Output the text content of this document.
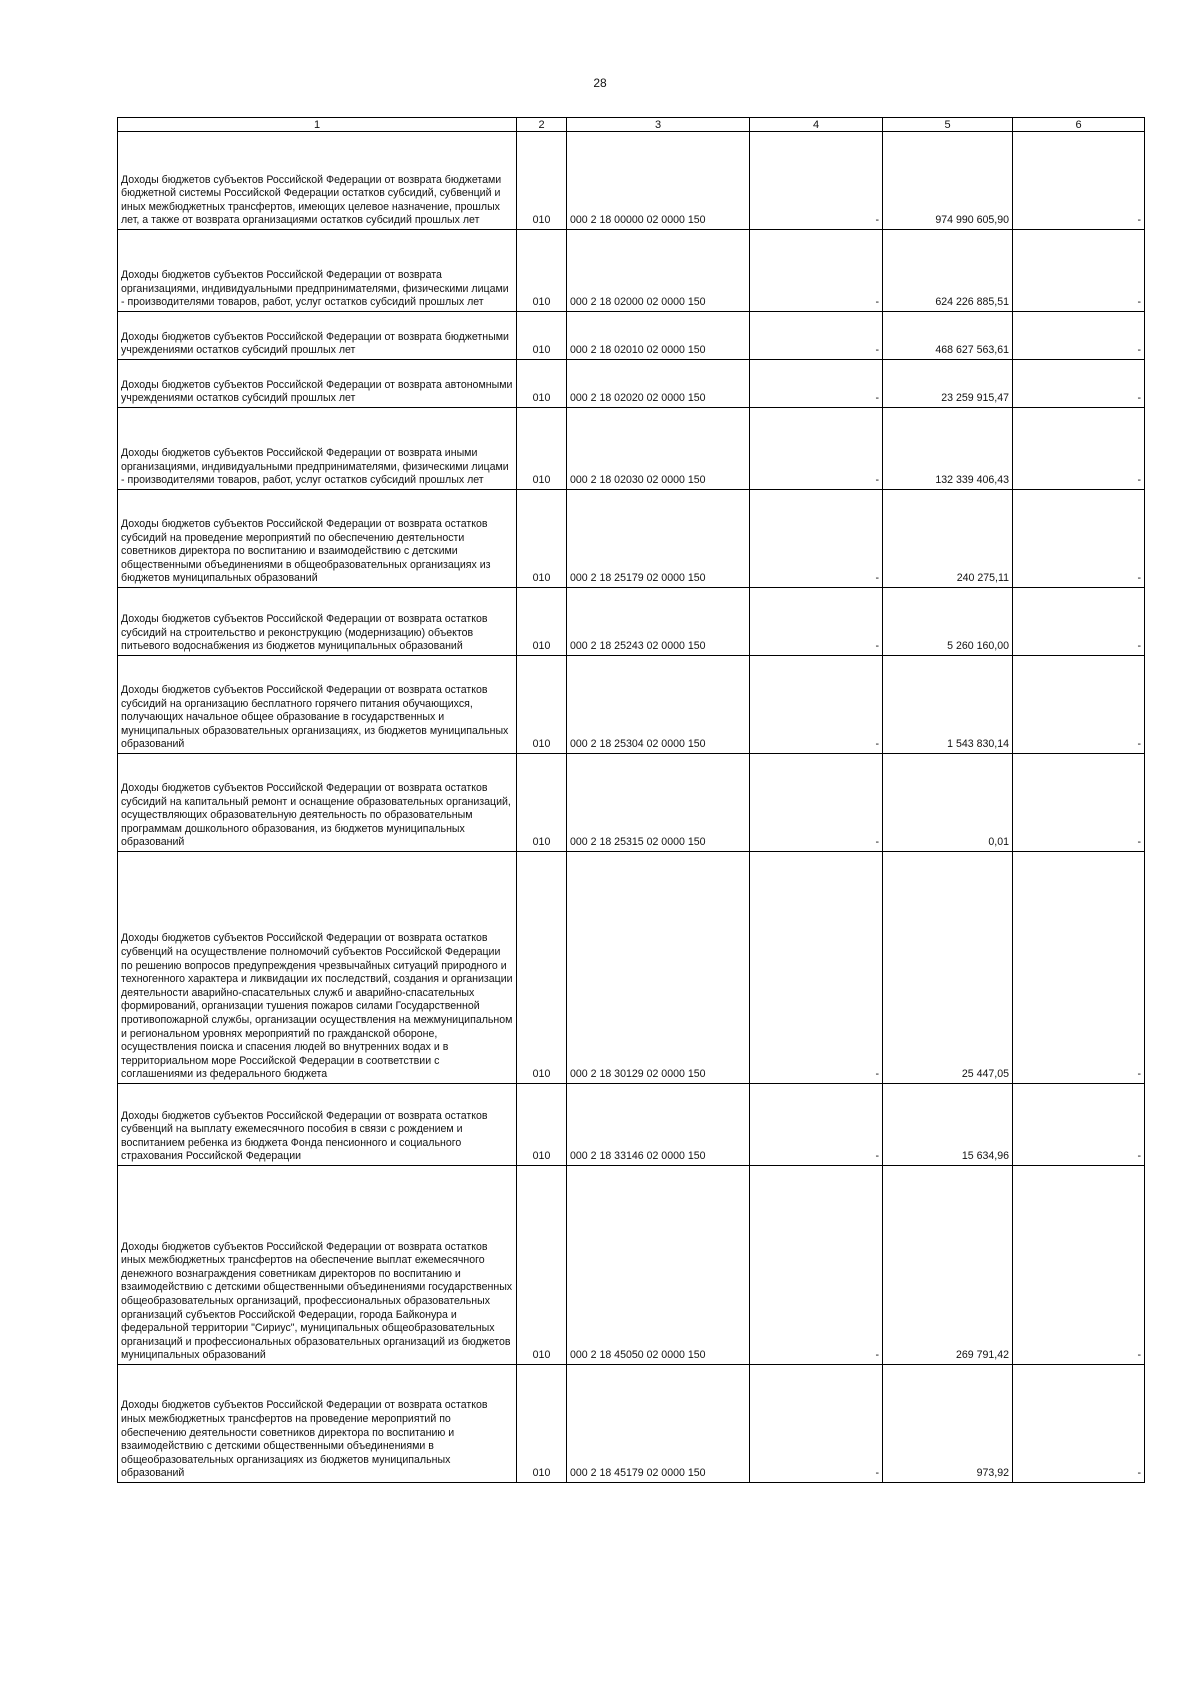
28
1	2	3	4	5	6
Доходы бюджетов субъектов Российской Федерации от возврата бюджетами бюджетной системы Российской Федерации остатков субсидий, субвенций и иных межбюджетных трансфертов, имеющих целевое назначение, прошлых лет, а также от возврата организациями остатков субсидий прошлых лет	010	000 2 18 00000 02 0000 150	-	974 990 605,90	-
Доходы бюджетов субъектов Российской Федерации от возврата организациями, индивидуальными предпринимателями, физическими лицами - производителями товаров, работ, услуг остатков субсидий прошлых лет	010	000 2 18 02000 02 0000 150	-	624 226 885,51	-
Доходы бюджетов субъектов Российской Федерации от возврата бюджетными учреждениями остатков субсидий прошлых лет	010	000 2 18 02010 02 0000 150	-	468 627 563,61	-
Доходы бюджетов субъектов Российской Федерации от возврата автономными учреждениями остатков субсидий прошлых лет	010	000 2 18 02020 02 0000 150	-	23 259 915,47	-
Доходы бюджетов субъектов Российской Федерации от возврата иными организациями, индивидуальными предпринимателями, физическими лицами - производителями товаров, работ, услуг остатков субсидий прошлых лет	010	000 2 18 02030 02 0000 150	-	132 339 406,43	-
Доходы бюджетов субъектов Российской Федерации от возврата остатков субсидий на проведение мероприятий по обеспечению деятельности советников директора по воспитанию и взаимодействию с детскими общественными объединениями в общеобразовательных организациях из бюджетов муниципальных образований	010	000 2 18 25179 02 0000 150	-	240 275,11	-
Доходы бюджетов субъектов Российской Федерации от возврата остатков субсидий на строительство и реконструкцию (модернизацию) объектов питьевого водоснабжения из бюджетов муниципальных образований	010	000 2 18 25243 02 0000 150	-	5 260 160,00	-
Доходы бюджетов субъектов Российской Федерации от возврата остатков субсидий на организацию бесплатного горячего питания обучающихся, получающих начальное общее образование в государственных и муниципальных образовательных организациях, из бюджетов муниципальных образований	010	000 2 18 25304 02 0000 150	-	1 543 830,14	-
Доходы бюджетов субъектов Российской Федерации от возврата остатков субсидий на капитальный ремонт и оснащение образовательных организаций, осуществляющих образовательную деятельность по образовательным программам дошкольного образования, из бюджетов муниципальных образований	010	000 2 18 25315 02 0000 150	-	0,01	-
Доходы бюджетов субъектов Российской Федерации от возврата остатков субвенций на осуществление полномочий субъектов Российской Федерации по решению вопросов предупреждения чрезвычайных ситуаций природного и техногенного характера и ликвидации их последствий, создания и организации деятельности аварийно-спасательных служб и аварийно-спасательных формирований, организации тушения пожаров силами Государственной противопожарной службы, организации осуществления на межмуниципальном и региональном уровнях мероприятий по гражданской обороне, осуществления поиска и спасения людей во внутренних водах и в территориальном море Российской Федерации в соответствии с соглашениями из федерального бюджета	010	000 2 18 30129 02 0000 150	-	25 447,05	-
Доходы бюджетов субъектов Российской Федерации от возврата остатков субвенций на выплату ежемесячного пособия в связи с рождением и воспитанием ребенка из бюджета Фонда пенсионного и социального страхования Российской Федерации	010	000 2 18 33146 02 0000 150	-	15 634,96	-
Доходы бюджетов субъектов Российской Федерации от возврата остатков иных межбюджетных трансфертов на обеспечение выплат ежемесячного денежного вознаграждения советникам директоров по воспитанию и взаимодействию с детскими общественными объединениями государственных общеобразовательных организаций, профессиональных образовательных организаций субъектов Российской Федерации, города Байконура и федеральной территории "Сириус", муниципальных общеобразовательных организаций и профессиональных образовательных организаций из бюджетов муниципальных образований	010	000 2 18 45050 02 0000 150	-	269 791,42	-
Доходы бюджетов субъектов Российской Федерации от возврата остатков иных межбюджетных трансфертов на проведение мероприятий по обеспечению деятельности советников директора по воспитанию и взаимодействию с детскими общественными объединениями в общеобразовательных организациях из бюджетов муниципальных образований	010	000 2 18 45179 02 0000 150	-	973,92	-
